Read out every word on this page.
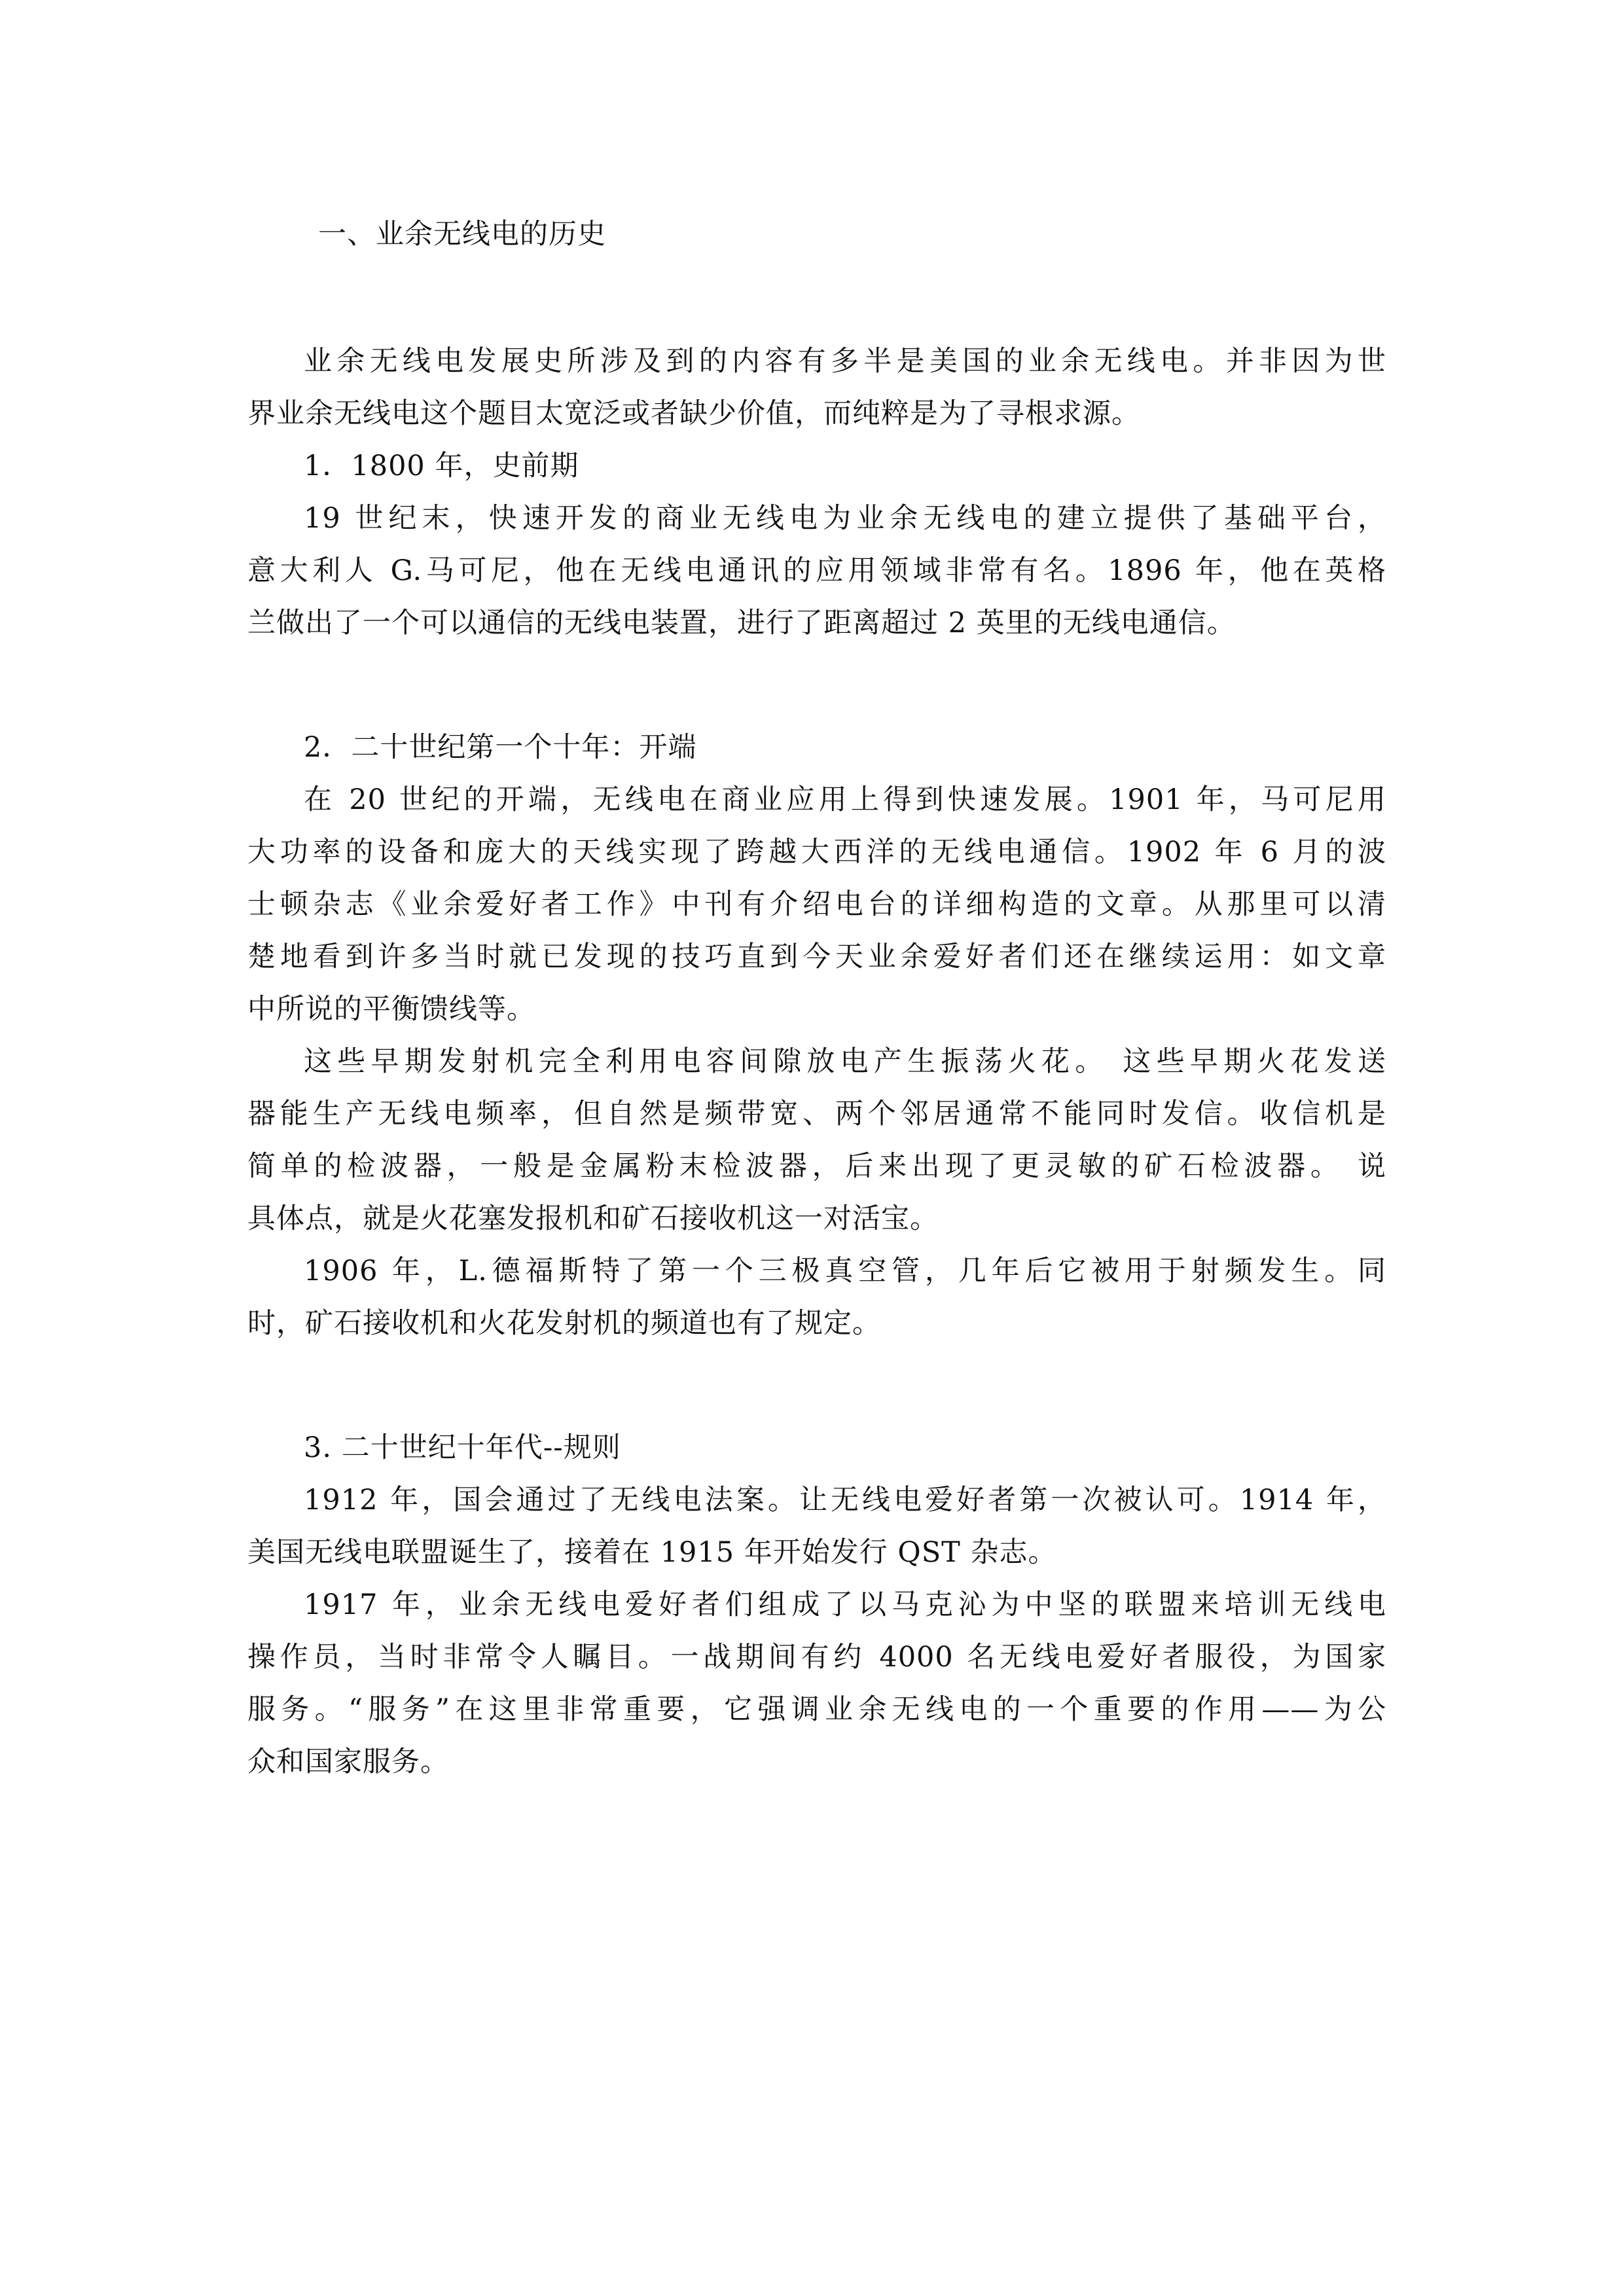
一、业余无线电的历史
业余无线电发展史所涉及到的内容有多半是美国的业余无线电。并非因为世
界业余无线电这个题目太宽泛或者缺少价值，而纯粹是为了寻根求源。
1．1800 年，史前期
19 世纪末，快速开发的商业无线电为业余无线电的建立提供了基础平台，
意大利人 G.马可尼，他在无线电通讯的应用领域非常有名。1896 年，他在英格
兰做出了一个可以通信的无线电装置，进行了距离超过 2 英里的无线电通信。
2．二十世纪第一个十年：开端
在 20 世纪的开端，无线电在商业应用上得到快速发展。1901 年，马可尼用
大功率的设备和庞大的天线实现了跨越大西洋的无线电通信。1902 年 6 月的波
士顿杂志《业余爱好者工作》中刊有介绍电台的详细构造的文章。从那里可以清
楚地看到许多当时就已发现的技巧直到今天业余爱好者们还在继续运用：如文章
中所说的平衡馈线等。
这些早期发射机完全利用电容间隙放电产生振荡火花。 这些早期火花发送
器能生产无线电频率，但自然是频带宽、两个邻居通常不能同时发信。收信机是
简单的检波器，一般是金属粉末检波器，后来出现了更灵敏的矿石检波器。 说
具体点，就是火花塞发报机和矿石接收机这一对活宝。
1906 年，L.德福斯特了第一个三极真空管，几年后它被用于射频发生。同
时，矿石接收机和火花发射机的频道也有了规定。
3. 二十世纪十年代--规则
1912 年，国会通过了无线电法案。让无线电爱好者第一次被认可。1914 年，
美国无线电联盟诞生了，接着在 1915 年开始发行 QST 杂志。
1917 年，业余无线电爱好者们组成了以马克沁为中坚的联盟来培训无线电
操作员，当时非常令人瞩目。一战期间有约 4000 名无线电爱好者服役，为国家
服务。“服务”在这里非常重要，它强调业余无线电的一个重要的作用——为公
众和国家服务。
